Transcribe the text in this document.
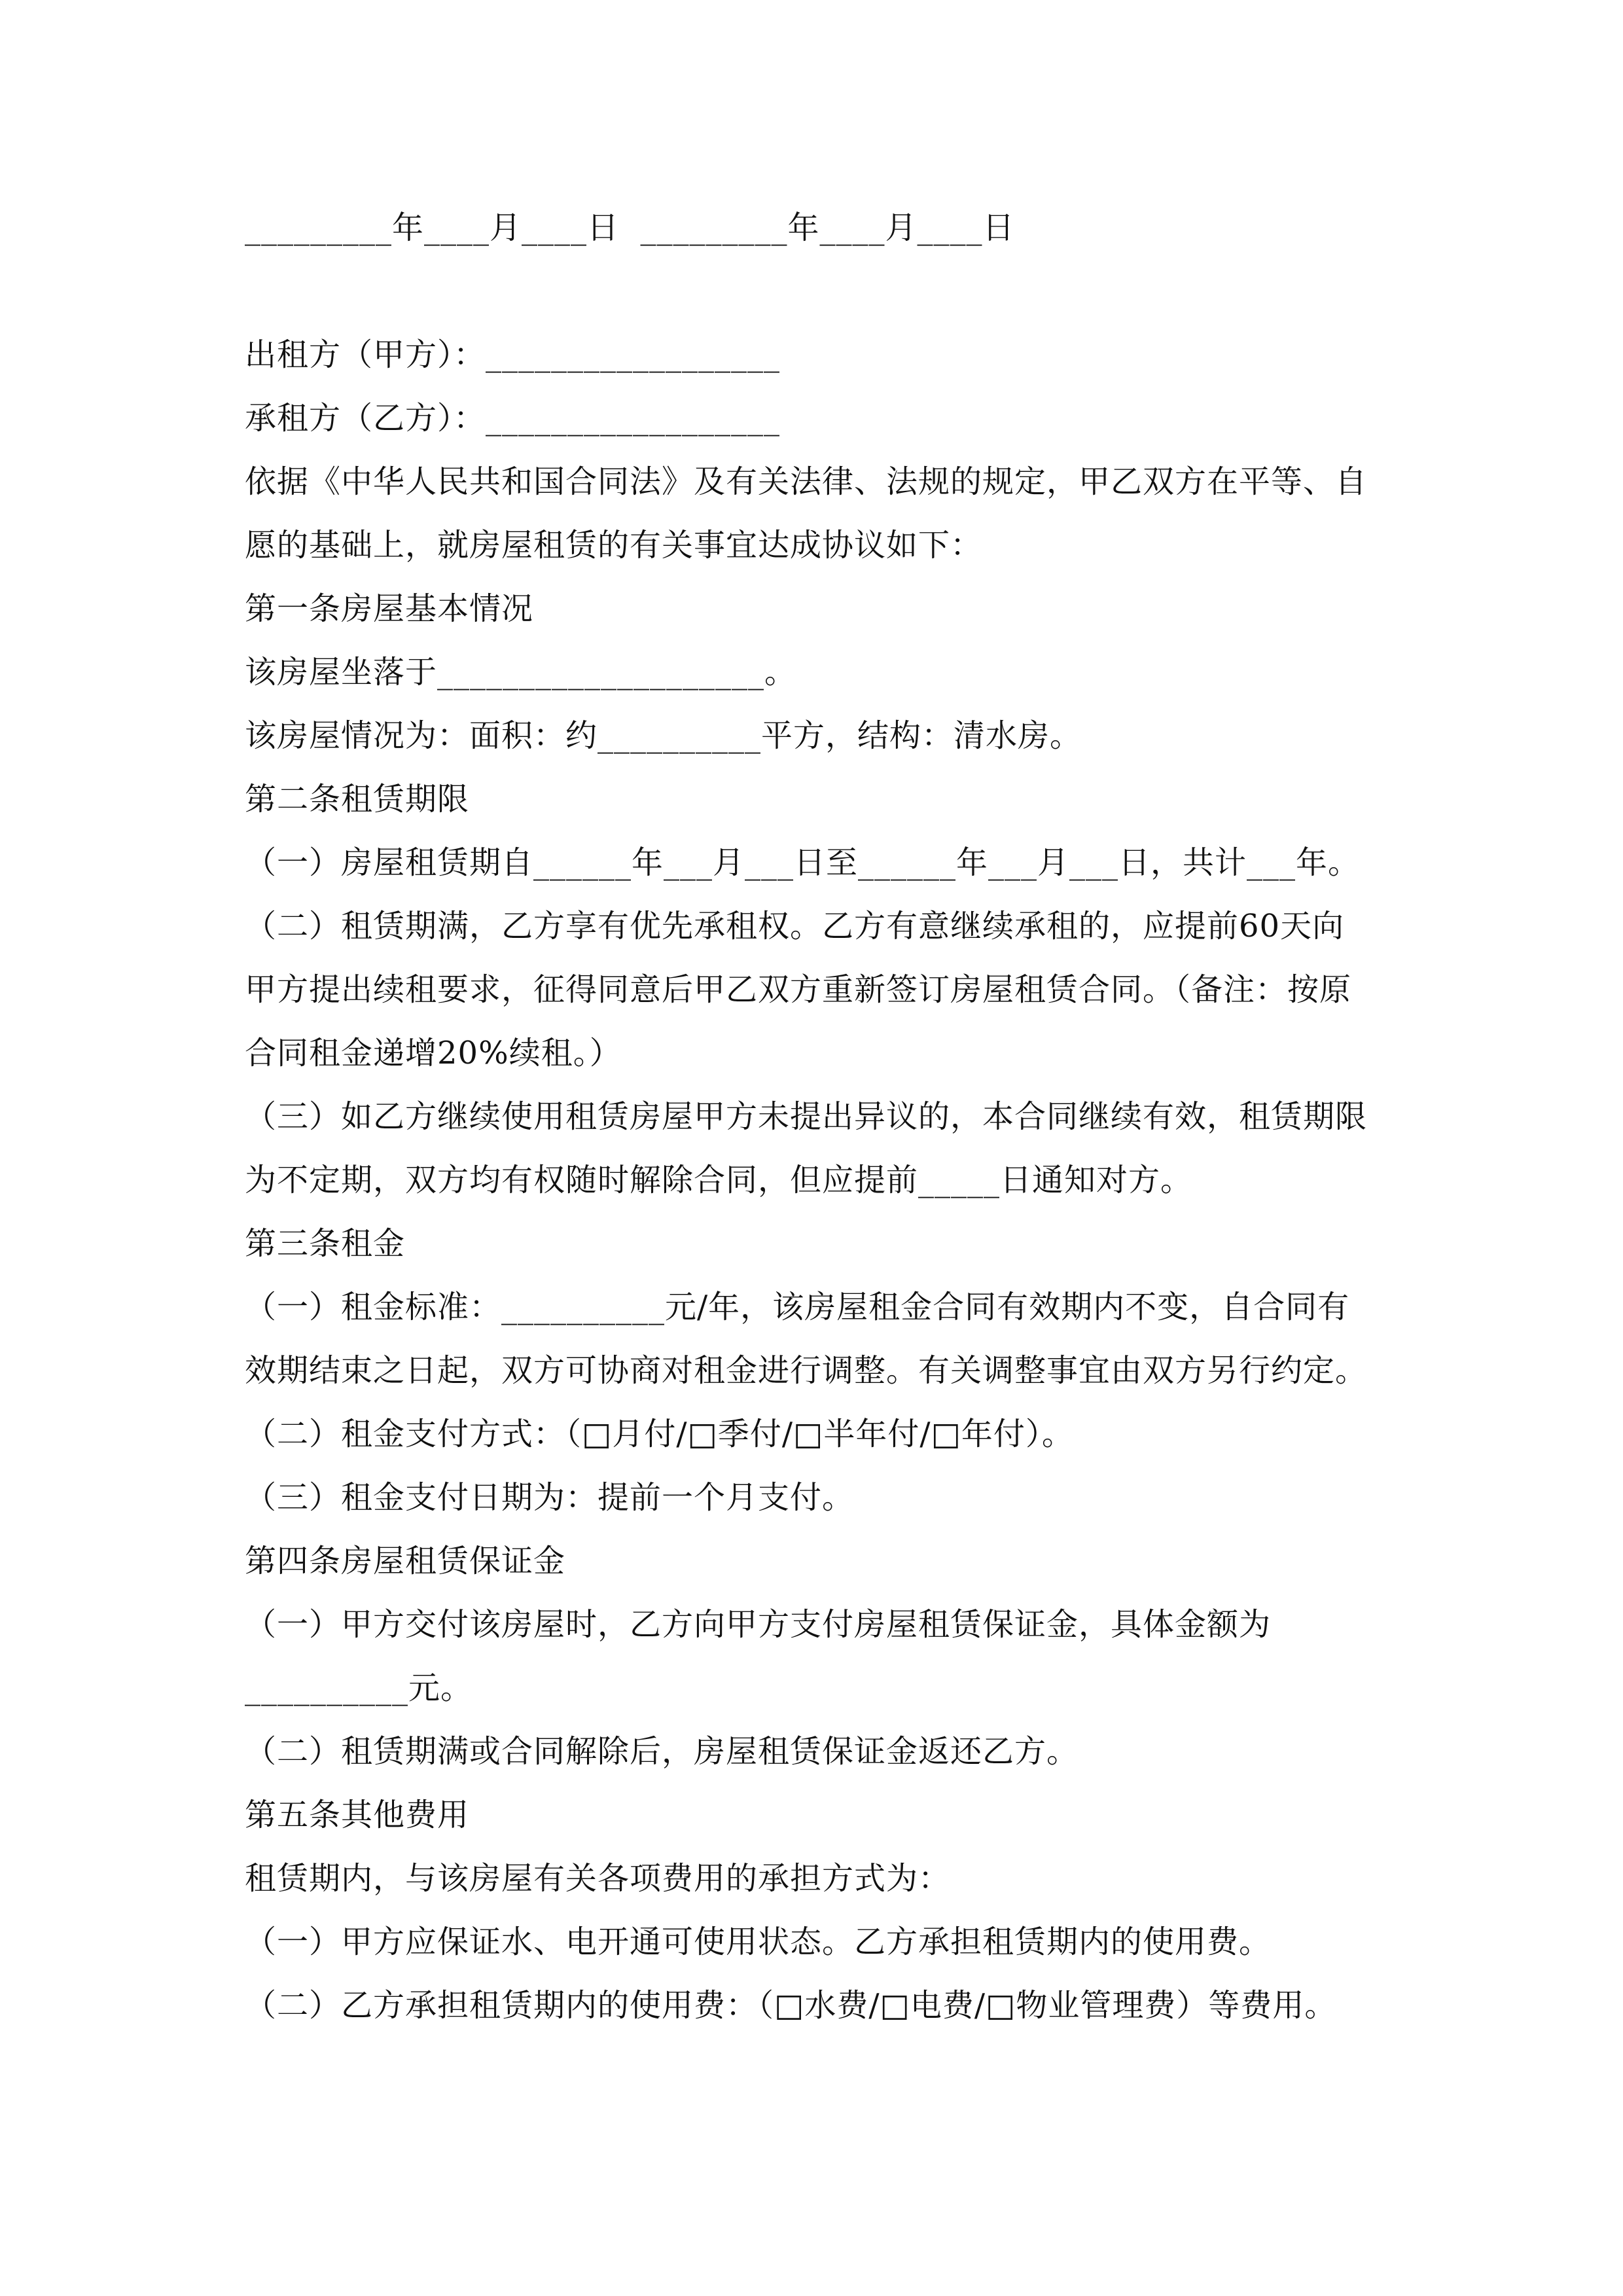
_________年____月____日  _________年____月____日
出租方（甲方）：__________________
承租方（乙方）：__________________
依据《中华人民共和国合同法》及有关法律、法规的规定，甲乙双方在平等、自
愿的基础上，就房屋租赁的有关事宜达成协议如下：
第一条房屋基本情况
该房屋坐落于____________________。
该房屋情况为：面积：约__________平方，结构：清水房。
第二条租赁期限
（一）房屋租赁期自______年___月___日至______年___月___日，共计___年。
（二）租赁期满，乙方享有优先承租权。乙方有意继续承租的，应提前60天向
甲方提出续租要求，征得同意后甲乙双方重新签订房屋租赁合同。（备注：按原
合同租金递增20%续租。）
（三）如乙方继续使用租赁房屋甲方未提出异议的，本合同继续有效，租赁期限
为不定期，双方均有权随时解除合同，但应提前_____日通知对方。
第三条租金
（一）租金标准：__________元/年，该房屋租金合同有效期内不变，自合同有
效期结束之日起，双方可协商对租金进行调整。有关调整事宜由双方另行约定。
（二）租金支付方式：（□月付/□季付/□半年付/□年付）。
（三）租金支付日期为：提前一个月支付。
第四条房屋租赁保证金
（一）甲方交付该房屋时，乙方向甲方支付房屋租赁保证金，具体金额为
__________元。
（二）租赁期满或合同解除后，房屋租赁保证金返还乙方。
第五条其他费用
租赁期内，与该房屋有关各项费用的承担方式为：
（一）甲方应保证水、电开通可使用状态。乙方承担租赁期内的使用费。
（二）乙方承担租赁期内的使用费：（□水费/□电费/□物业管理费）等费用。
